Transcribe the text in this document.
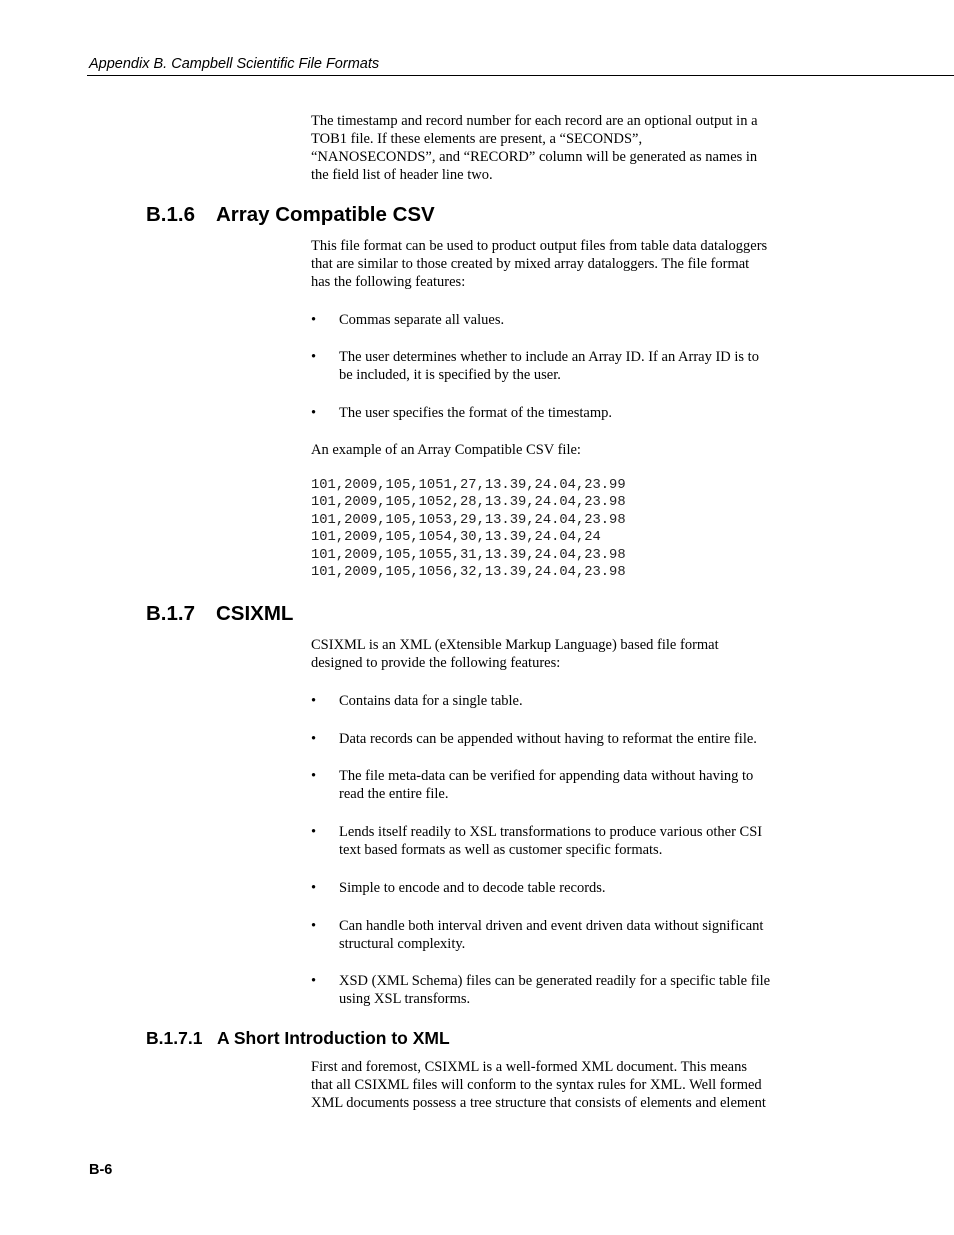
Appendix B. Campbell Scientific File Formats

The timestamp and record number for each record are an optional output in a
TOB1 file. If these elements are present, a “SECONDS”,
“NANOSECONDS”, and “RECORD” column will be generated as names in
the field list of header line two.

B.1.6 Array Compatible CSV

This file format can be used to product output files from table data dataloggers
that are similar to those created by mixed array dataloggers. The file format
has the following features:

• Commas separate all values.
• The user determines whether to include an Array ID. If an Array ID is to
be included, it is specified by the user.
• The user specifies the format of the timestamp.

An example of an Array Compatible CSV file:

101,2009,105,1051,27,13.39,24.04,23.99
101,2009,105,1052,28,13.39,24.04,23.98
101,2009,105,1053,29,13.39,24.04,23.98
101,2009,105,1054,30,13.39,24.04,24
101,2009,105,1055,31,13.39,24.04,23.98
101,2009,105,1056,32,13.39,24.04,23.98
B.1.7 CSIXML

CSIXML is an XML (eXtensible Markup Language) based file format
designed to provide the following features:

• Contains data for a single table.
• Data records can be appended without having to reformat the entire file.
• The file meta-data can be verified for appending data without having to
read the entire file.
• Lends itself readily to XSL transformations to produce various other CSI
text based formats as well as customer specific formats.
• Simple to encode and to decode table records.
• Can handle both interval driven and event driven data without significant
structural complexity.
• XSD (XML Schema) files can be generated readily for a specific table file
using XSL transforms.
B.1.7.1 A Short Introduction to XML

First and foremost, CSIXML is a well-formed XML document. This means
that all CSIXML files will conform to the syntax rules for XML. Well formed
XML documents possess a tree structure that consists of elements and element

B-6
